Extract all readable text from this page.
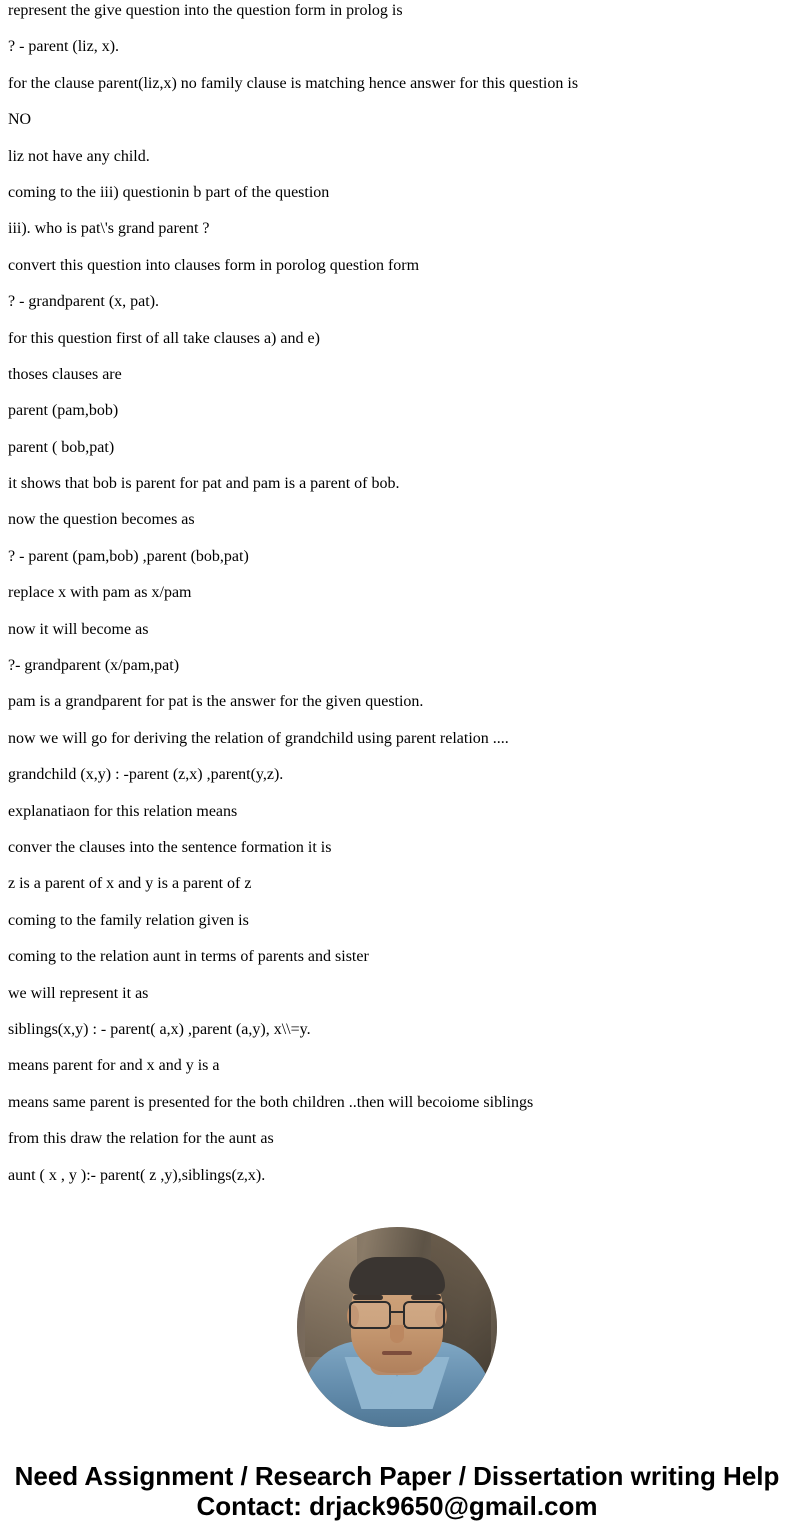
represent the give question into the question form in prolog is

? - parent (liz, x).

for the clause parent(liz,x) no family clause is matching hence answer for this question is

NO

liz not have any child.

coming to the iii) questionin b part of the question

iii). who is pat\'s grand parent ?

convert this question into clauses form in porolog question form

? - grandparent (x, pat).

for this question first of all take clauses a) and e)

thoses clauses are

parent (pam,bob)

parent ( bob,pat)

it shows that bob is parent for pat and pam is a parent of bob.

now the question becomes as

? - parent (pam,bob) ,parent (bob,pat)

replace x with pam as x/pam

now it will become as

?- grandparent (x/pam,pat)

pam is a grandparent for pat is the answer for the given question.

now we will go for deriving the relation of grandchild using parent relation ....

grandchild (x,y) : -parent (z,x) ,parent(y,z).

explanatiaon for this relation means

conver the clauses into the sentence formation it is

z is a parent of x and y is a parent of z

coming to the family relation given is

coming to the relation aunt in terms of parents and sister

we will represent it as

siblings(x,y) : - parent( a,x) ,parent (a,y), x\\=y.

means parent for and x and y is a

means same parent is presented for the both children ..then will becoiome siblings

from this draw the relation for the aunt as

aunt ( x , y ):- parent( z ,y),siblings(z,x).

Need Assignment / Research Paper / Dissertation writing Help
Contact: drjack9650@gmail.com
